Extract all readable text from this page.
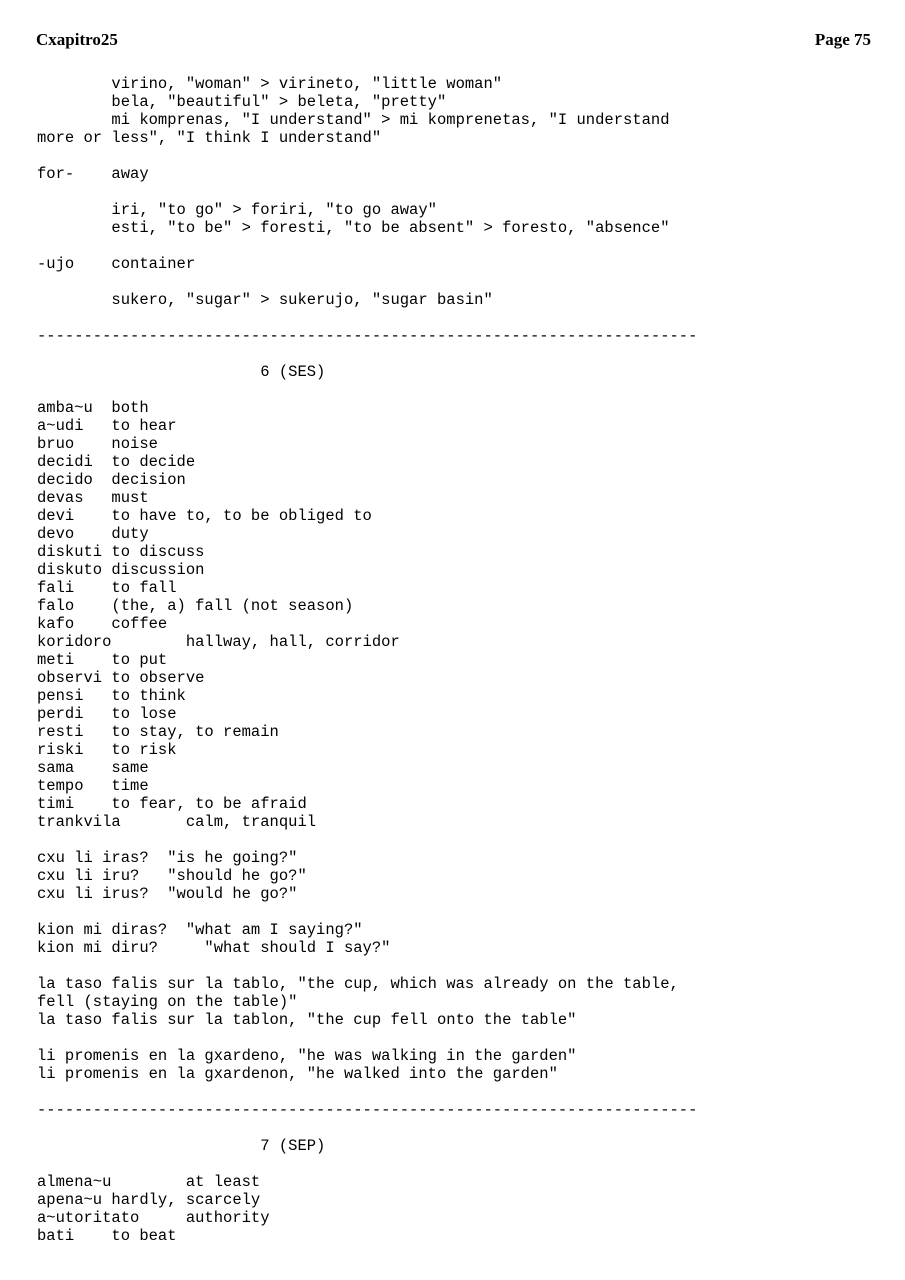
Cxapitro25	Page 75
virino, "woman" > virineto, "little woman"
bela, "beautiful" > beleta, "pretty"
mi komprenas, "I understand" > mi komprenetas, "I understand
more or less", "I think I understand"
for-    away
iri, "to go" > foriri, "to go away"
esti, "to be" > foresti, "to be absent" > foresto, "absence"
-ujo    container
sukero, "sugar" > sukerujo, "sugar basin"
-----------------------------------------------------------------------
6 (SES)
amba~u  both
a~udi   to hear
bruo    noise
decidi  to decide
decido  decision
devas   must
devi    to have to, to be obliged to
devo    duty
diskuti to discuss
diskuto discussion
fali    to fall
falo    (the, a) fall (not season)
kafo    coffee
koridoro        hallway, hall, corridor
meti    to put
observi to observe
pensi   to think
perdi   to lose
resti   to stay, to remain
riski   to risk
sama    same
tempo   time
timi    to fear, to be afraid
trankvila       calm, tranquil
cxu li iras?  "is he going?"
cxu li iru?   "should he go?"
cxu li irus?  "would he go?"
kion mi diras?  "what am I saying?"
kion mi diru?     "what should I say?"
la taso falis sur la tablo, "the cup, which was already on the table,
fell (staying on the table)"
la taso falis sur la tablon, "the cup fell onto the table"
li promenis en la gxardeno, "he was walking in the garden"
li promenis en la gxardenon, "he walked into the garden"
-----------------------------------------------------------------------
7 (SEP)
almena~u        at least
apena~u hardly, scarcely
a~utoritato     authority
bati    to beat
